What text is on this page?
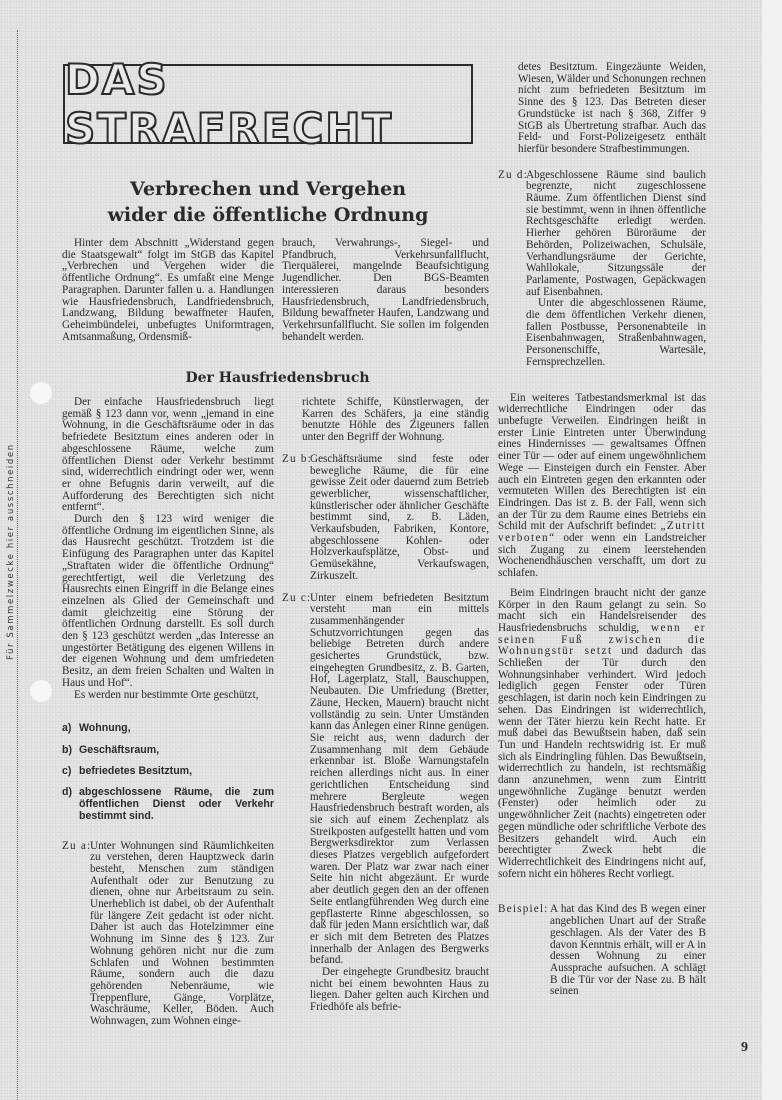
Für Sammelzwecke hier ausschneiden
DAS STRAFRECHT
Verbrechen und Vergehen
wider die öffentliche Ordnung

Hinter dem Abschnitt „Widerstand gegen die Staatsgewalt“ folgt im StGB das Kapitel „Verbrechen und Vergehen wider die öffentliche Ordnung“. Es umfaßt eine Menge Paragraphen. Darunter fallen u. a. Handlungen wie Hausfriedensbruch, Landfriedensbruch, Landzwang, Bildung bewaffneter Haufen, Geheimbündelei, unbefugtes Uniformtragen, Amtsanmaßung, Ordensmiß-

brauch, Verwahrungs-, Siegel- und Pfandbruch, Verkehrsunfallflucht, Tierquälerei, mangelnde Beaufsichtigung Jugendlicher. Den BGS-Beamten interessieren daraus besonders Hausfriedensbruch, Landfriedensbruch, Bildung bewaffneter Haufen, Landzwang und Verkehrsunfallflucht. Sie sollen im folgenden behandelt werden.

Der Hausfriedensbruch

Der einfache Hausfriedensbruch liegt gemäß § 123 dann vor, wenn „jemand in eine Wohnung, in die Geschäftsräume oder in das befriedete Besitztum eines anderen oder in abgeschlossene Räume, welche zum öffentlichen Dienst oder Verkehr bestimmt sind, widerrechtlich eindringt oder wer, wenn er ohne Befugnis darin verweilt, auf die Aufforderung des Berechtigten sich nicht entfernt“.

Durch den § 123 wird weniger die öffentliche Ordnung im eigentlichen Sinne, als das Hausrecht geschützt. Trotzdem ist die Einfügung des Paragraphen unter das Kapitel „Straftaten wider die öffentliche Ordnung“ gerechtfertigt, weil die Verletzung des Hausrechts einen Eingriff in die Belange eines einzelnen als Glied der Gemeinschaft und damit gleichzeitig eine Störung der öffentlichen Ordnung darstellt. Es soll durch den § 123 geschützt werden „das Interesse an ungestörter Betätigung des eigenen Willens in der eigenen Wohnung und dem umfriedeten Besitz, an dem freien Schalten und Walten in Haus und Hof“.

Es werden nur bestimmte Orte geschützt,

a) Wohnung,
b) Geschäftsraum,
c) befriedetes Besitztum,
d) abgeschlossene Räume, die zum öffentlichen Dienst oder Verkehr bestimmt sind.
Zu a:
Unter Wohnungen sind Räumlichkeiten zu verstehen, deren Hauptzweck darin besteht, Menschen zum ständigen Aufenthalt oder zur Benutzung zu dienen, ohne nur Arbeitsraum zu sein. Unerheblich ist dabei, ob der Aufenthalt für längere Zeit gedacht ist oder nicht. Daher ist auch das Hotelzimmer eine Wohnung im Sinne des § 123. Zur Wohnung gehören nicht nur die zum Schlafen und Wohnen bestimmten Räume, sondern auch die dazu gehörenden Nebenräume, wie Treppenflure, Gänge, Vorplätze, Waschräume, Keller, Böden. Auch Wohnwagen, zum Wohnen einge-

richtete Schiffe, Künstlerwagen, der Karren des Schäfers, ja eine ständig benutzte Höhle des Zigeuners fallen unter den Begriff der Wohnung.

Zu b:
Geschäftsräume sind feste oder bewegliche Räume, die für eine gewisse Zeit oder dauernd zum Betrieb gewerblicher, wissenschaftlicher, künstlerischer oder ähnlicher Geschäfte bestimmt sind, z. B. Läden, Verkaufsbuden, Fabriken, Kontore, abgeschlossene Kohlen- oder Holzverkaufsplätze, Obst- und Gemüsekähne, Verkaufswagen, Zirkuszelt.
Zu c:
Unter einem befriedeten Besitztum versteht man ein mittels zusammenhängender Schutzvorrichtungen gegen das beliebige Betreten durch andere gesichertes Grundstück, bzw. eingehegten Grundbesitz, z. B. Garten, Hof, Lagerplatz, Stall, Bauschuppen, Neubauten. Die Umfriedung (Bretter, Zäune, Hecken, Mauern) braucht nicht vollständig zu sein. Unter Umständen kann das Anlegen einer Rinne genügen. Sie reicht aus, wenn dadurch der Zusammenhang mit dem Gebäude erkennbar ist. Bloße Warnungstafeln reichen allerdings nicht aus. In einer gerichtlichen Entscheidung sind mehrere Bergleute wegen Hausfriedensbruch bestraft worden, als sie sich auf einem Zechenplatz als Streikposten aufgestellt hatten und vom Bergwerksdirektor zum Verlassen dieses Platzes vergeblich aufgefordert waren. Der Platz war zwar nach einer Seite hin nicht abgezäunt. Er wurde aber deutlich gegen den an der offenen Seite entlangführenden Weg durch eine gepflasterte Rinne abgeschlossen, so daß für jeden Mann ersichtlich war, daß er sich mit dem Betreten des Platzes innerhalb der Anlagen des Bergwerks befand.
Der eingehegte Grundbesitz braucht nicht bei einem bewohnten Haus zu liegen. Daher gelten auch Kirchen und Friedhöfe als befrie-

detes Besitztum. Eingezäunte Weiden, Wiesen, Wälder und Schonungen rechnen nicht zum befriedeten Besitztum im Sinne des § 123. Das Betreten dieser Grundstücke ist nach § 368, Ziffer 9 StGB als Übertretung strafbar. Auch das Feld- und Forst-Polizeigesetz enthält hierfür besondere Strafbestimmungen.

Zu d:
Abgeschlossene Räume sind baulich begrenzte, nicht zugeschlossene Räume. Zum öffentlichen Dienst sind sie bestimmt, wenn in ihnen öffentliche Rechtsgeschäfte erledigt werden. Hierher gehören Büroräume der Behörden, Polizeiwachen, Schulsäle, Verhandlungsräume der Gerichte, Wahllokale, Sitzungssäle der Parlamente, Postwagen, Gepäckwagen auf Eisenbahnen.
Unter die abgeschlossenen Räume, die dem öffentlichen Verkehr dienen, fallen Postbusse, Personenabteile in Eisenbahnwagen, Straßenbahnwagen, Personenschiffe, Wartesäle, Fernsprechzellen.

Ein weiteres Tatbestandsmerkmal ist das widerrechtliche Eindringen oder das unbefugte Verweilen. Eindringen heißt in erster Linie Eintreten unter Überwindung eines Hindernisses — gewaltsames Öffnen einer Tür — oder auf einem ungewöhnlichem Wege — Einsteigen durch ein Fenster. Aber auch ein Eintreten gegen den erkannten oder vermuteten Willen des Berechtigten ist ein Eindringen. Das ist z. B. der Fall, wenn sich an der Tür zu dem Raume eines Betriebs ein Schild mit der Aufschrift befindet: „Zutritt verboten“ oder wenn ein Landstreicher sich Zugang zu einem leerstehenden Wochenendhäuschen verschafft, um dort zu schlafen.

Beim Eindringen braucht nicht der ganze Körper in den Raum gelangt zu sein. So macht sich ein Handelsreisender des Hausfriedensbruchs schuldig, wenn er seinen Fuß zwischen die Wohnungstür setzt und dadurch das Schließen der Tür durch den Wohnungsinhaber verhindert. Wird jedoch lediglich gegen Fenster oder Türen geschlagen, ist darin noch kein Eindringen zu sehen. Das Eindringen ist widerrechtlich, wenn der Täter hierzu kein Recht hatte. Er muß dabei das Bewußtsein haben, daß sein Tun und Handeln rechtswidrig ist. Er muß sich als Eindringling fühlen. Das Bewußtsein, widerrechtlich zu handeln, ist rechtsmäßig dann anzunehmen, wenn zum Eintritt ungewöhnliche Zugänge benutzt werden (Fenster) oder heimlich oder zu ungewöhnlicher Zeit (nachts) eingetreten oder gegen mündliche oder schriftliche Verbote des Besitzers gehandelt wird. Auch ein berechtigter Zweck hebt die Widerrechtlichkeit des Eindringens nicht auf, sofern nicht ein höheres Recht vorliegt.

Beispiel: A hat das Kind des B wegen einer angeblichen Unart auf der Straße geschlagen. Als der Vater des B davon Kenntnis erhält, will er A in dessen Wohnung zu einer Aussprache aufsuchen. A schlägt B die Tür vor der Nase zu. B hält seinen
9
